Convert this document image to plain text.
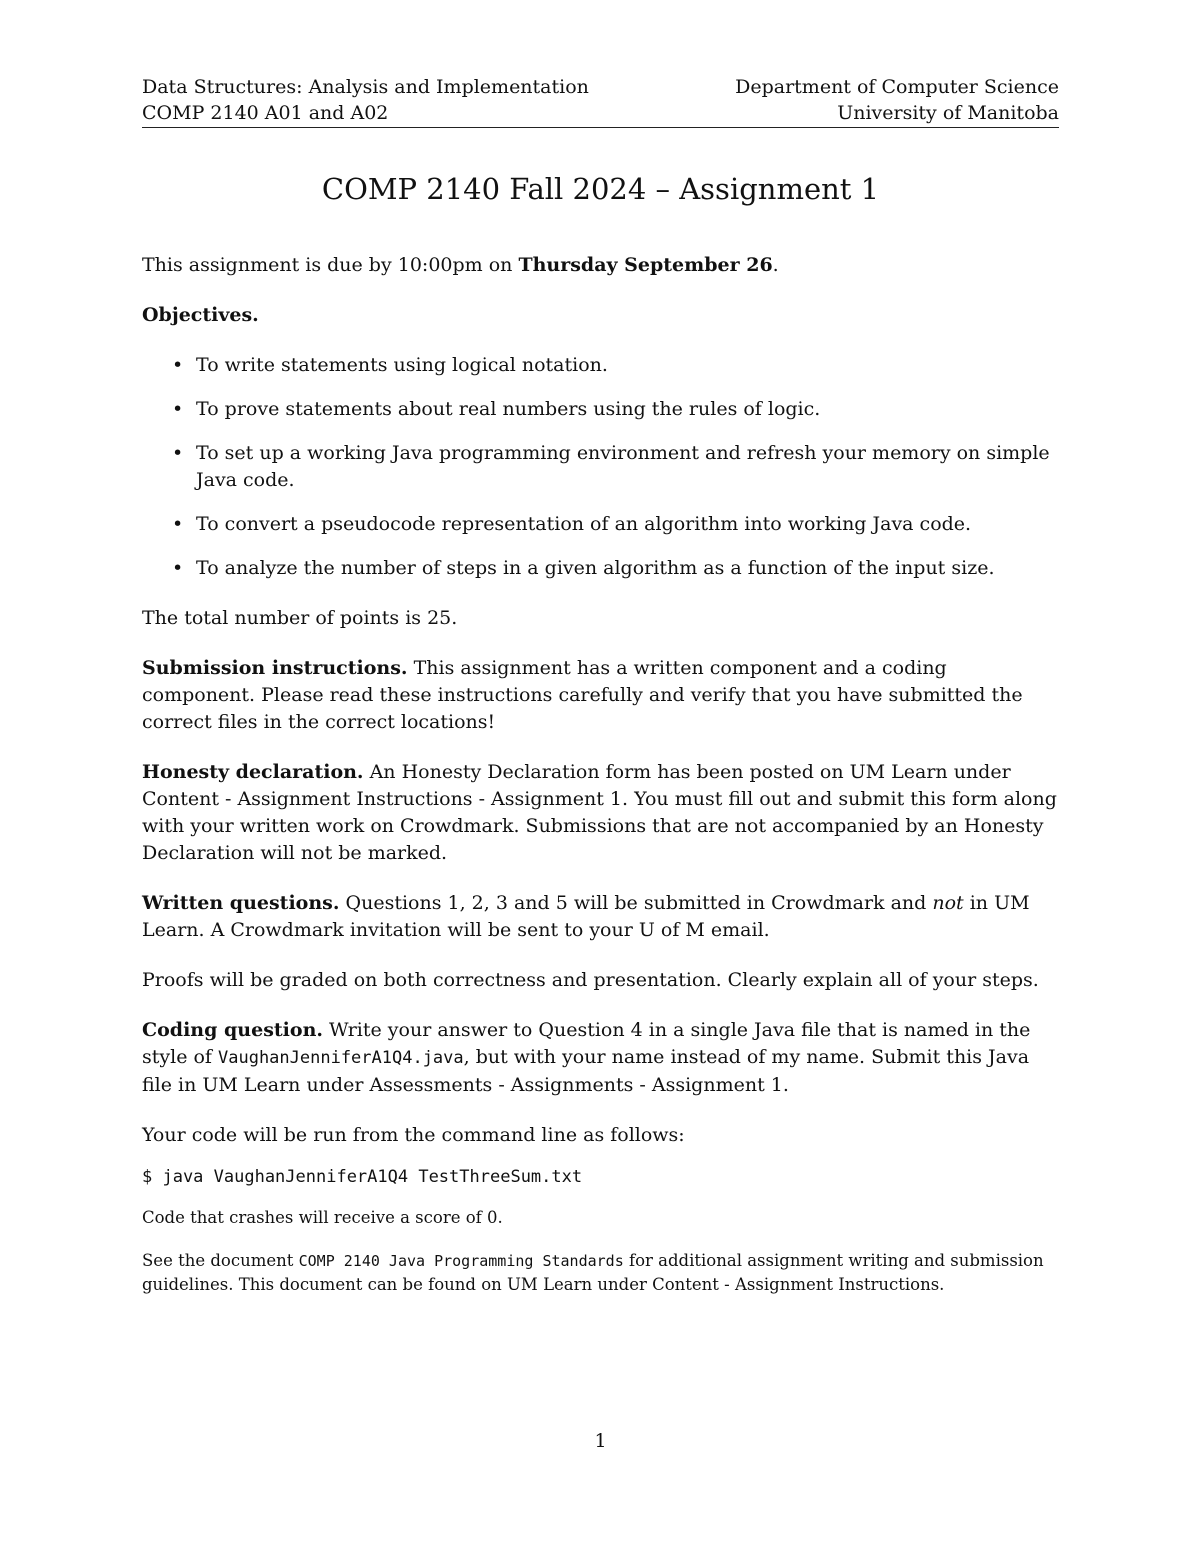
Data Structures: Analysis and Implementation	Department of Computer Science
COMP 2140 A01 and A02	University of Manitoba
COMP 2140 Fall 2024 – Assignment 1

This assignment is due by 10:00pm on Thursday September 26.

Objectives.

• To write statements using logical notation.
• To prove statements about real numbers using the rules of logic.
• To set up a working Java programming environment and refresh your memory on simple Java code.
• To convert a pseudocode representation of an algorithm into working Java code.
• To analyze the number of steps in a given algorithm as a function of the input size.

The total number of points is 25.

Submission instructions. This assignment has a written component and a coding component. Please read these instructions carefully and verify that you have submitted the correct files in the correct locations!

Honesty declaration. An Honesty Declaration form has been posted on UM Learn under Content - Assignment Instructions - Assignment 1. You must fill out and submit this form along with your written work on Crowdmark. Submissions that are not accompanied by an Honesty Declaration will not be marked.

Written questions. Questions 1, 2, 3 and 5 will be submitted in Crowdmark and not in UM Learn. A Crowdmark invitation will be sent to your U of M email.

Proofs will be graded on both correctness and presentation. Clearly explain all of your steps.

Coding question. Write your answer to Question 4 in a single Java file that is named in the style of VaughanJenniferA1Q4.java, but with your name instead of my name. Submit this Java file in UM Learn under Assessments - Assignments - Assignment 1.

Your code will be run from the command line as follows:

$ java VaughanJenniferA1Q4 TestThreeSum.txt

Code that crashes will receive a score of 0.

See the document COMP 2140 Java Programming Standards for additional assignment writing and submission guidelines. This document can be found on UM Learn under Content - Assignment Instructions.

1
